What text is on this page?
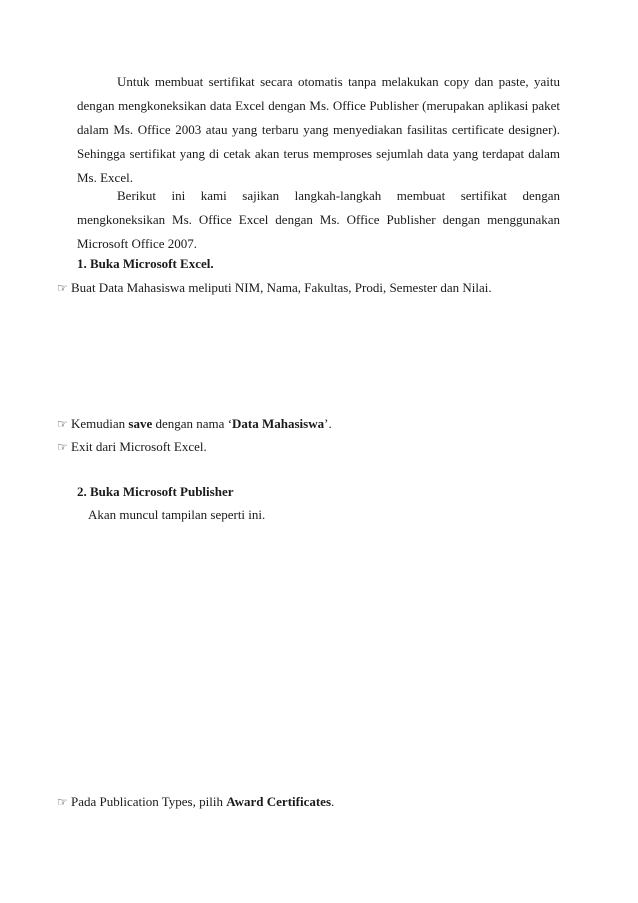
Untuk membuat sertifikat secara otomatis tanpa melakukan copy dan paste, yaitu dengan mengkoneksikan data Excel dengan Ms. Office Publisher (merupakan aplikasi paket dalam Ms. Office 2003 atau yang terbaru yang menyediakan fasilitas certificate designer). Sehingga sertifikat yang di cetak akan terus memproses sejumlah data yang terdapat dalam Ms. Excel.

Berikut ini kami sajikan langkah-langkah membuat sertifikat dengan mengkoneksikan Ms. Office Excel dengan Ms. Office Publisher dengan menggunakan Microsoft Office 2007.

1. Buka Microsoft Excel.

☞ Buat Data Mahasiswa meliputi NIM, Nama, Fakultas, Prodi, Semester dan Nilai.

☞ Kemudian save dengan nama ‘Data Mahasiswa’.

☞ Exit dari Microsoft Excel.

2. Buka Microsoft Publisher

Akan muncul tampilan seperti ini.

☞ Pada Publication Types, pilih Award Certificates.
